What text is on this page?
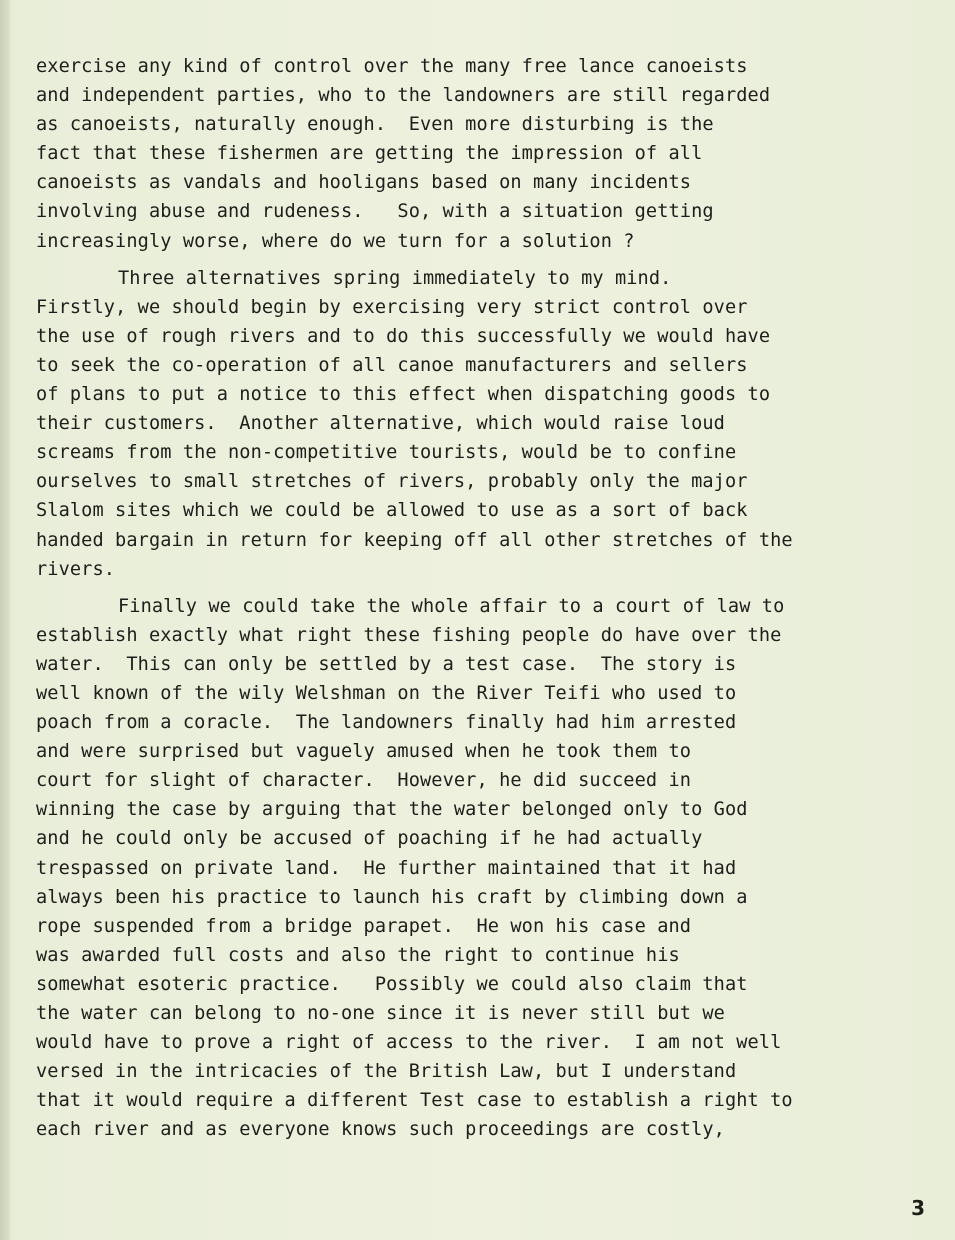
exercise any kind of control over the many free lance canoeists
and independent parties, who to the landowners are still regarded
as canoeists, naturally enough.  Even more disturbing is the
fact that these fishermen are getting the impression of all
canoeists as vandals and hooligans based on many incidents
involving abuse and rudeness.   So, with a situation getting
increasingly worse, where do we turn for a solution ?
Three alternatives spring immediately to my mind.
Firstly, we should begin by exercising very strict control over
the use of rough rivers and to do this successfully we would have
to seek the co-operation of all canoe manufacturers and sellers
of plans to put a notice to this effect when dispatching goods to
their customers.  Another alternative, which would raise loud
screams from the non-competitive tourists, would be to confine
ourselves to small stretches of rivers, probably only the major
Slalom sites which we could be allowed to use as a sort of back
handed bargain in return for keeping off all other stretches of the
rivers.
Finally we could take the whole affair to a court of law to
establish exactly what right these fishing people do have over the
water.  This can only be settled by a test case.  The story is
well known of the wily Welshman on the River Teifi who used to
poach from a coracle.  The landowners finally had him arrested
and were surprised but vaguely amused when he took them to
court for slight of character.  However, he did succeed in
winning the case by arguing that the water belonged only to God
and he could only be accused of poaching if he had actually
trespassed on private land.  He further maintained that it had
always been his practice to launch his craft by climbing down a
rope suspended from a bridge parapet.  He won his case and
was awarded full costs and also the right to continue his
somewhat esoteric practice.   Possibly we could also claim that
the water can belong to no-one since it is never still but we
would have to prove a right of access to the river.  I am not well
versed in the intricacies of the British Law, but I understand
that it would require a different Test case to establish a right to
each river and as everyone knows such proceedings are costly,
3
